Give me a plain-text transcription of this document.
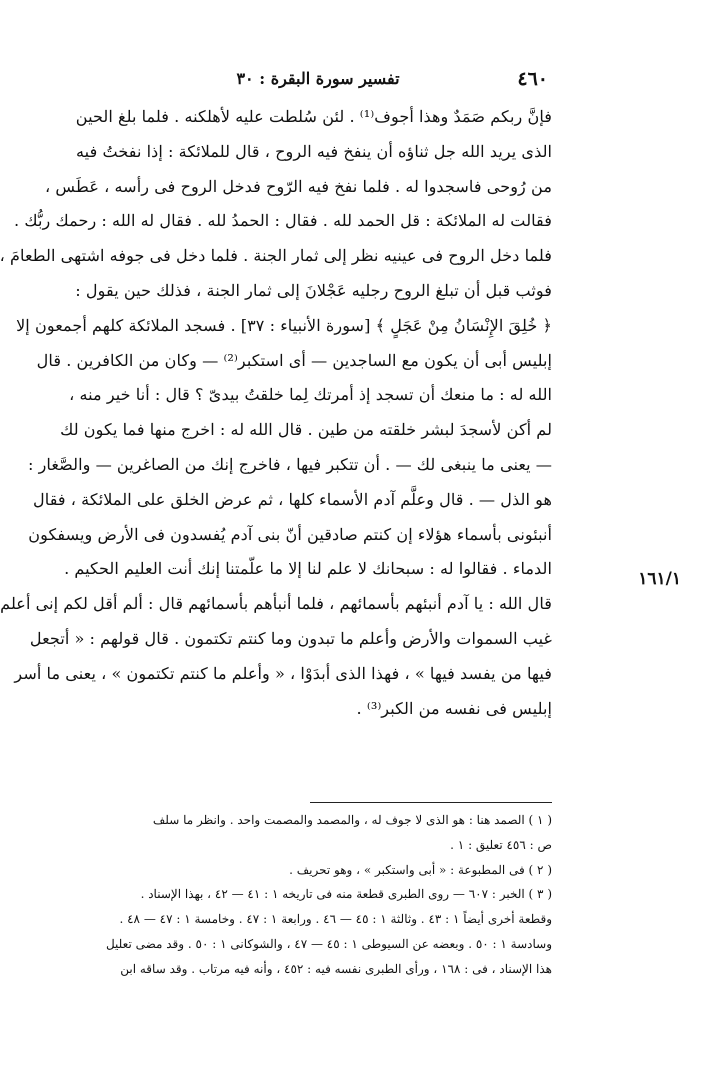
٤٦٠
تفسير سورة البقرة : ٣٠
١٦١/١
فإنَّ ربكم صَمَدٌ وهذا أجوف⁽¹⁾ . لئن سُلطت عليه لأهلكنه . فلما بلغ الحين
الذى يريد الله جل ثناؤه أن ينفخ فيه الروح ، قال للملائكة : إذا نفختُ فيه
من رُوحى فاسجدوا له . فلما نفخ فيه الرّوح فدخل الروح فى رأسه ، عَطَس ،
فقالت له الملائكة : قل الحمد لله . فقال : الحمدُ لله . فقال له الله : رحمك ربُّك .
فلما دخل الروح فى عينيه نظر إلى ثمار الجنة . فلما دخل فى جوفه اشتهى الطعامَ ،
فوثب قبل أن تبلغ الروح رجليه عَجْلانَ إلى ثمار الجنة ، فذلك حين يقول :
﴿ خُلِقَ الإِنْسَانُ مِنْ عَجَلٍ ﴾ [سورة الأنبياء : ٣٧] . فسجد الملائكة كلهم أجمعون إلا
إبليس أبى أن يكون مع الساجدين — أى استكبر⁽²⁾ — وكان من الكافرين . قال
الله له : ما منعك أن تسجد إذ أمرتك لِما خلقتُ بيدىّ ؟ قال : أنا خير منه ،
لم أكن لأسجدَ لبشر خلقته من طين . قال الله له : اخرج منها فما يكون لك
— يعنى ما ينبغى لك — . أن تتكبر فيها ، فاخرج إنك من الصاغرين — والصَّغار :
هو الذل — . قال وعلَّم آدم الأسماء كلها ، ثم عرض الخلق على الملائكة ، فقال
أنبئونى بأسماء هؤلاء إن كنتم صادقين أنّ بنى آدم يُفسدون فى الأرض ويسفكون
الدماء . فقالوا له : سبحانك لا علم لنا إلا ما علّمتنا إنك أنت العليم الحكيم .
قال الله : يا آدم أنبئهم بأسمائهم ، فلما أنبأهم بأسمائهم قال : ألم أقل لكم إنى أعلم
غيب السموات والأرض وأعلم ما تبدون وما كنتم تكتمون . قال قولهم : « أتجعل
فيها من يفسد فيها » ، فهذا الذى أبدَوْا ، « وأعلم ما كنتم تكتمون » ، يعنى ما أسر
إبليس فى نفسه من الكبر⁽³⁾ .
( ١ ) الصمد هنا : هو الذى لا جوف له ، والمصمد والمصمت واحد . وانظر ما سلف
ص : ٤٥٦ تعليق : ١ .
( ٢ ) فى المطبوعة : « أبى واستكبر » ، وهو تحريف .
( ٣ ) الخبر : ٦٠٧ — روى الطبرى قطعة منه فى تاريخه ١ : ٤١ — ٤٢ ، بهذا الإسناد .
وقطعة أخرى أيضاً ١ : ٤٣ . وثالثة ١ : ٤٥ — ٤٦ . ورابعة ١ : ٤٧ . وخامسة ١ : ٤٧ — ٤٨ .
وسادسة ١ : ٥٠ . وبعضه عن السيوطى ١ : ٤٥ — ٤٧ ، والشوكانى ١ : ٥٠ . وقد مضى تعليل
هذا الإسناد ، فى : ١٦٨ ، ورأى الطبرى نفسه فيه : ٤٥٢ ، وأنه فيه مرتاب . وقد ساقه ابن
